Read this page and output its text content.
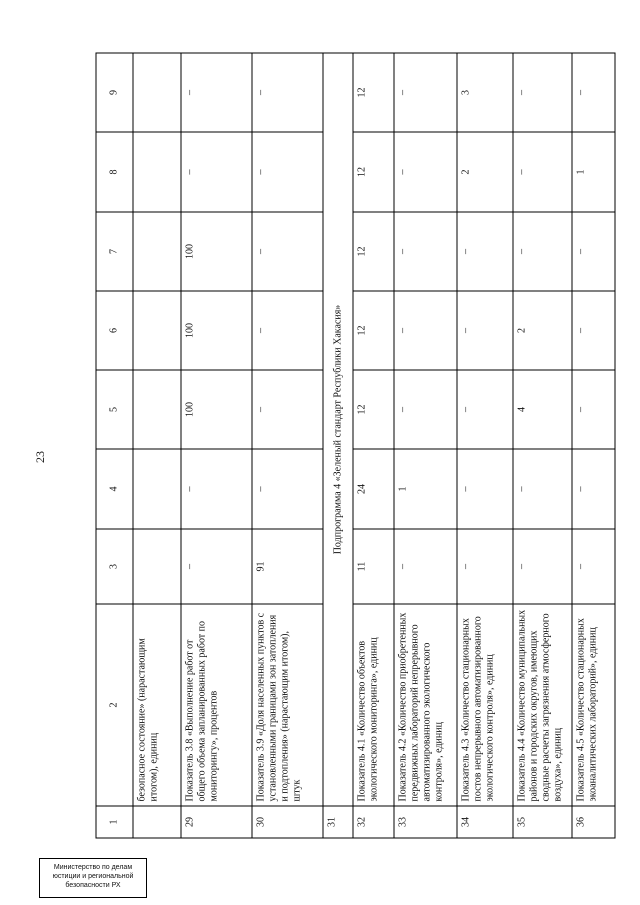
23
1	2	3	4	5	6	7	8	9
	безопасное состояние» (нарастающим итогом), единиц							
29	Показатель 3.8 «Выполнение работ от общего объема запланированных работ по мониторингу», процентов	–	–	100	100	100	–	–
30	Показатель 3.9 «Доля населенных пунктов с установленными границами зон затопления и подтопления» (нарастающим итогом), штук	91	–	–	–	–	–	–
31	Подпрограмма 4 «Зеленый стандарт Республики Хакасия»							
32	Показатель 4.1 «Количество объектов экологического мониторинга», единиц	11	24	12	12	12	12	12
33	Показатель 4.2 «Количество приобретенных передвижных лабораторий непрерывного автоматизированного экологического контроля», единиц	–	1	–	–	–	–	–
34	Показатель 4.3 «Количество стационарных постов непрерывного автоматизированного экологического контроля», единиц	–	–	–	–	–	2	3
35	Показатель 4.4 «Количество муниципальных районов и городских округов, имеющих сводные расчеты загрязнения атмосферного воздуха», единиц	–	–	4	2	–	–	–
36	Показатель 4.5 «Количество стационарных экоаналитических лабораторий», единиц	–	–	–	–	–	1	–
Министерство по делам
юстиции и региональной
безопасности РХ
